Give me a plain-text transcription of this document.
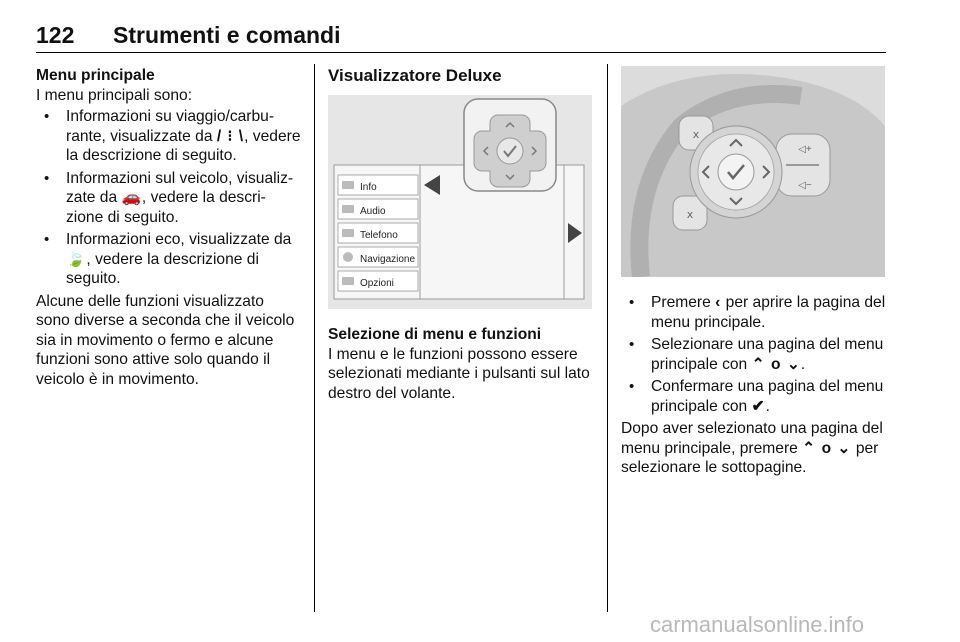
122 Strumenti e comandi
Menu principale

I menu principali sono:

• Informazioni su viaggio/carbu-rante, visualizzate da / ⁝ \, vedere la descrizione di seguito.
• Informazioni sul veicolo, visualiz-zate da 🚗, vedere la descri-zione di seguito.
• Informazioni eco, visualizzate da 🍃, vedere la descrizione di seguito.

Alcune delle funzioni visualizzato sono diverse a seconda che il veicolo sia in movimento o fermo e alcune funzioni sono attive solo quando il veicolo è in movimento.

Visualizzatore Deluxe
Info
Audio
Telefono
Navigazione
Opzioni
Selezione di menu e funzioni

I menu e le funzioni possono essere selezionati mediante i pulsanti sul lato destro del volante.

ⅹ
ⅹ
◁+
◁−
• Premere ‹ per aprire la pagina del menu principale.
• Selezionare una pagina del menu principale con ⌃ o ⌄.
• Confermare una pagina del menu principale con ✔.

Dopo aver selezionato una pagina del menu principale, premere ⌃ o ⌄ per selezionare le sottopagine.

carmanualsonline.info
